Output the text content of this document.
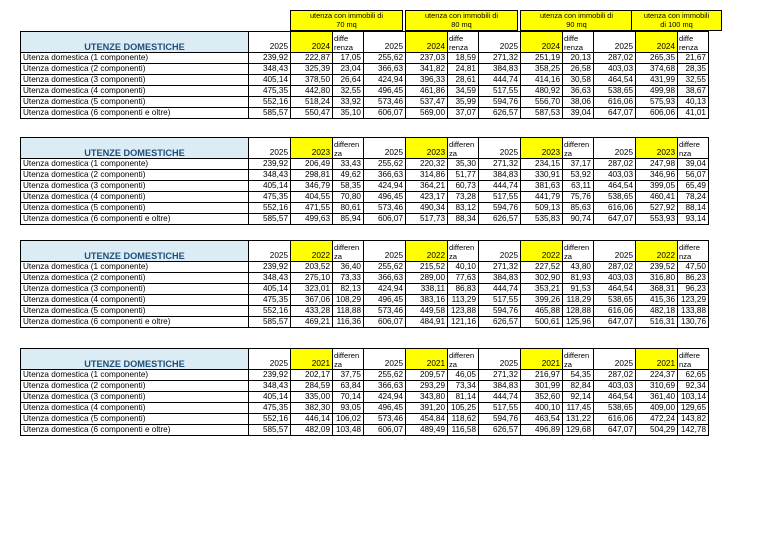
utenza con immobili di
70 mq
utenza con immobili di
80 mq
utenza con immobili di
90 mq
utenza con immobili
di 100 mq
UTENZE DOMESTICHE	2025	2024	diffe
renza	2025	2024	diffe
renza	2025	2024	diffe
renza	2025	2024	diffe
renza
Utenza domestica (1 componente)	239,92	222,87	17,05	255,62	237,03	18,59	271,32	251,19	20,13	287,02	265,35	21,67
Utenza domestica (2 componenti)	348,43	325,39	23,04	366,63	341,82	24,81	384,83	358,25	26,58	403,03	374,68	28,35
Utenza domestica (3 componenti)	405,14	378,50	26,64	424,94	396,33	28,61	444,74	414,16	30,58	464,54	431,99	32,55
Utenza domestica (4 componenti)	475,35	442,80	32,55	496,45	461,86	34,59	517,55	480,92	36,63	538,65	499,98	38,67
Utenza domestica (5 componenti)	552,16	518,24	33,92	573,46	537,47	35,99	594,76	556,70	38,06	616,06	575,93	40,13
Utenza domestica (6 componenti e oltre)	585,57	550,47	35,10	606,07	569,00	37,07	626,57	587,53	39,04	647,07	606,06	41,01
UTENZE DOMESTICHE	2025	2023	differen
za	2025	2023	differen
za	2025	2023	differen
za	2025	2023	differe
nza
Utenza domestica (1 componente)	239,92	206,49	33,43	255,62	220,32	35,30	271,32	234,15	37,17	287,02	247,98	39,04
Utenza domestica (2 componenti)	348,43	298,81	49,62	366,63	314,86	51,77	384,83	330,91	53,92	403,03	346,96	56,07
Utenza domestica (3 componenti)	405,14	346,79	58,35	424,94	364,21	60,73	444,74	381,63	63,11	464,54	399,05	65,49
Utenza domestica (4 componenti)	475,35	404,55	70,80	496,45	423,17	73,28	517,55	441,79	75,76	538,65	460,41	78,24
Utenza domestica (5 componenti)	552,16	471,55	80,61	573,46	490,34	83,12	594,76	509,13	85,63	616,06	527,92	88,14
Utenza domestica (6 componenti e oltre)	585,57	499,63	85,94	606,07	517,73	88,34	626,57	535,83	90,74	647,07	553,93	93,14
UTENZE DOMESTICHE	2025	2022	differen
za	2025	2022	differen
za	2025	2022	differen
za	2025	2022	differe
nza
Utenza domestica (1 componente)	239,92	203,52	36,40	255,62	215,52	40,10	271,32	227,52	43,80	287,02	239,52	47,50
Utenza domestica (2 componenti)	348,43	275,10	73,33	366,63	289,00	77,63	384,83	302,90	81,93	403,03	316,80	86,23
Utenza domestica (3 componenti)	405,14	323,01	82,13	424,94	338,11	86,83	444,74	353,21	91,53	464,54	368,31	96,23
Utenza domestica (4 componenti)	475,35	367,06	108,29	496,45	383,16	113,29	517,55	399,26	118,29	538,65	415,36	123,29
Utenza domestica (5 componenti)	552,16	433,28	118,88	573,46	449,58	123,88	594,76	465,88	128,88	616,06	482,18	133,88
Utenza domestica (6 componenti e oltre)	585,57	469,21	116,36	606,07	484,91	121,16	626,57	500,61	125,96	647,07	516,31	130,76
UTENZE DOMESTICHE	2025	2021	differen
za	2025	2021	differen
za	2025	2021	differen
za	2025	2021	differe
nza
Utenza domestica (1 componente)	239,92	202,17	37,75	255,62	209,57	46,05	271,32	216,97	54,35	287,02	224,37	62,65
Utenza domestica (2 componenti)	348,43	284,59	63,84	366,63	293,29	73,34	384,83	301,99	82,84	403,03	310,69	92,34
Utenza domestica (3 componenti)	405,14	335,00	70,14	424,94	343,80	81,14	444,74	352,60	92,14	464,54	361,40	103,14
Utenza domestica (4 componenti)	475,35	382,30	93,05	496,45	391,20	105,25	517,55	400,10	117,45	538,65	409,00	129,65
Utenza domestica (5 componenti)	552,16	446,14	106,02	573,46	454,84	118,62	594,76	463,54	131,22	616,06	472,24	143,82
Utenza domestica (6 componenti e oltre)	585,57	482,09	103,48	606,07	489,49	116,58	626,57	496,89	129,68	647,07	504,29	142,78
